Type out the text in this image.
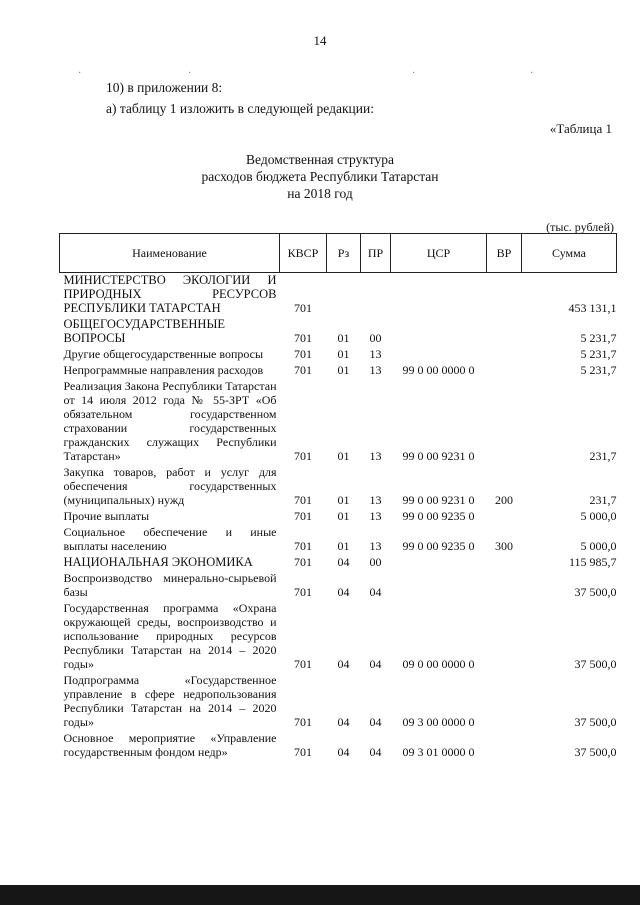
14
·	·	·	·
10) в приложении 8:
а) таблицу 1 изложить в следующей редакции:
«Таблица 1
Ведомственная структура
расходов бюджета Республики Татарстан
на 2018 год
(тыс. рублей)
Наименование	КВСР	Рз	ПР	ЦСР	ВР	Сумма
МИНИСТЕРСТВО ЭКОЛОГИИ И ПРИРОДНЫХ РЕСУРСОВ РЕСПУБЛИКИ ТАТАРСТАН	701					453 131,1
ОБЩЕГОСУДАРСТВЕННЫЕ ВОПРОСЫ	701	01	00			5 231,7
Другие общегосударственные вопросы	701	01	13			5 231,7
Непрограммные направления расходов	701	01	13	99 0 00 0000 0		5 231,7
Реализация Закона Республики Татарстан от 14 июля 2012 года № 55-ЗРТ «Об обязательном государственном страховании государственных гражданских служащих Республики Татарстан»	701	01	13	99 0 00 9231 0		231,7
Закупка товаров, работ и услуг для обеспечения государственных (муниципальных) нужд	701	01	13	99 0 00 9231 0	200	231,7
Прочие выплаты	701	01	13	99 0 00 9235 0		5 000,0
Социальное обеспечение и иные выплаты населению	701	01	13	99 0 00 9235 0	300	5 000,0
НАЦИОНАЛЬНАЯ ЭКОНОМИКА	701	04	00			115 985,7
Воспроизводство минерально-сырьевой базы	701	04	04			37 500,0
Государственная программа «Охрана окружающей среды, воспроизводство и использование природных ресурсов Республики Татарстан на 2014 – 2020 годы»	701	04	04	09 0 00 0000 0		37 500,0
Подпрограмма «Государственное управление в сфере недропользования Республики Татарстан на 2014 – 2020 годы»	701	04	04	09 3 00 0000 0		37 500,0
Основное мероприятие «Управление государственным фондом недр»	701	04	04	09 3 01 0000 0		37 500,0
